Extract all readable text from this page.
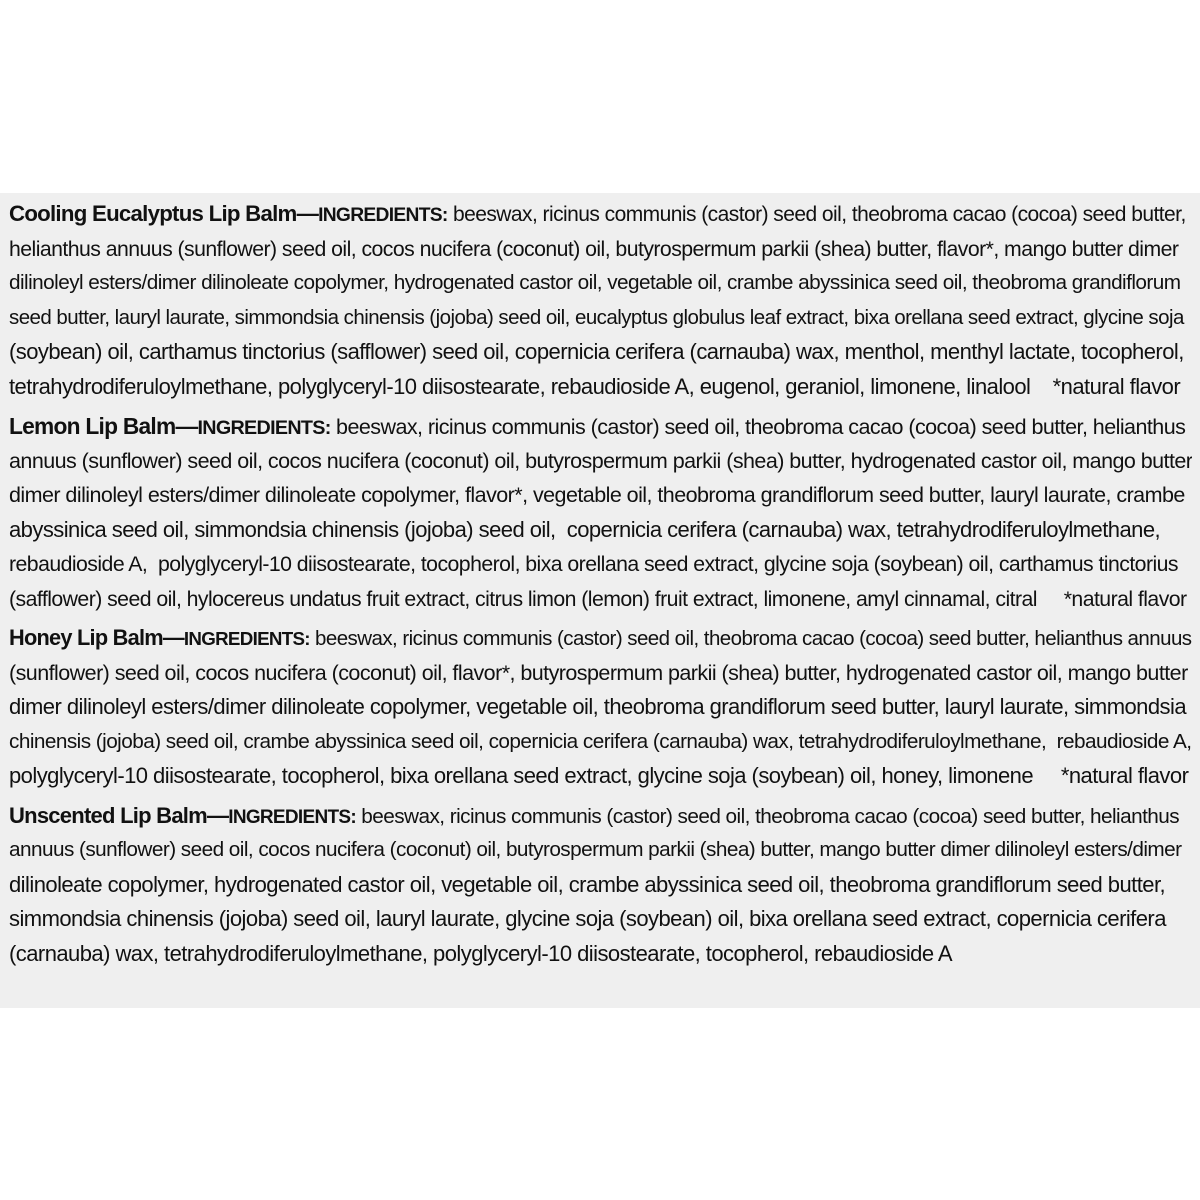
Cooling Eucalyptus Lip Balm—INGREDIENTS: beeswax, ricinus communis (castor) seed oil, theobroma cacao (cocoa) seed butter,
helianthus annuus (sunflower) seed oil, cocos nucifera (coconut) oil, butyrospermum parkii (shea) butter, flavor*, mango butter dimer
dilinoleyl esters/dimer dilinoleate copolymer, hydrogenated castor oil, vegetable oil, crambe abyssinica seed oil, theobroma grandiflorum
seed butter, lauryl laurate, simmondsia chinensis (jojoba) seed oil, eucalyptus globulus leaf extract, bixa orellana seed extract, glycine soja
(soybean) oil, carthamus tinctorius (safflower) seed oil, copernicia cerifera (carnauba) wax, menthol, menthyl lactate, tocopherol,
tetrahydrodiferuloylmethane, polyglyceryl-10 diisostearate, rebaudioside A, eugenol, geraniol, limonene, linalool    *natural flavor
Lemon Lip Balm—INGREDIENTS: beeswax, ricinus communis (castor) seed oil, theobroma cacao (cocoa) seed butter, helianthus
annuus (sunflower) seed oil, cocos nucifera (coconut) oil, butyrospermum parkii (shea) butter, hydrogenated castor oil, mango butter
dimer dilinoleyl esters/dimer dilinoleate copolymer, flavor*, vegetable oil, theobroma grandiflorum seed butter, lauryl laurate, crambe
abyssinica seed oil, simmondsia chinensis (jojoba) seed oil,  copernicia cerifera (carnauba) wax, tetrahydrodiferuloylmethane,
rebaudioside A,  polyglyceryl-10 diisostearate, tocopherol, bixa orellana seed extract, glycine soja (soybean) oil, carthamus tinctorius
(safflower) seed oil, hylocereus undatus fruit extract, citrus limon (lemon) fruit extract, limonene, amyl cinnamal, citral     *natural flavor
Honey Lip Balm—INGREDIENTS: beeswax, ricinus communis (castor) seed oil, theobroma cacao (cocoa) seed butter, helianthus annuus
(sunflower) seed oil, cocos nucifera (coconut) oil, flavor*, butyrospermum parkii (shea) butter, hydrogenated castor oil, mango butter
dimer dilinoleyl esters/dimer dilinoleate copolymer, vegetable oil, theobroma grandiflorum seed butter, lauryl laurate, simmondsia
chinensis (jojoba) seed oil, crambe abyssinica seed oil, copernicia cerifera (carnauba) wax, tetrahydrodiferuloylmethane,  rebaudioside A,
polyglyceryl-10 diisostearate, tocopherol, bixa orellana seed extract, glycine soja (soybean) oil, honey, limonene     *natural flavor
Unscented Lip Balm—INGREDIENTS: beeswax, ricinus communis (castor) seed oil, theobroma cacao (cocoa) seed butter, helianthus
annuus (sunflower) seed oil, cocos nucifera (coconut) oil, butyrospermum parkii (shea) butter, mango butter dimer dilinoleyl esters/dimer
dilinoleate copolymer, hydrogenated castor oil, vegetable oil, crambe abyssinica seed oil, theobroma grandiflorum seed butter,
simmondsia chinensis (jojoba) seed oil, lauryl laurate, glycine soja (soybean) oil, bixa orellana seed extract, copernicia cerifera
(carnauba) wax, tetrahydrodiferuloylmethane, polyglyceryl-10 diisostearate, tocopherol, rebaudioside A
